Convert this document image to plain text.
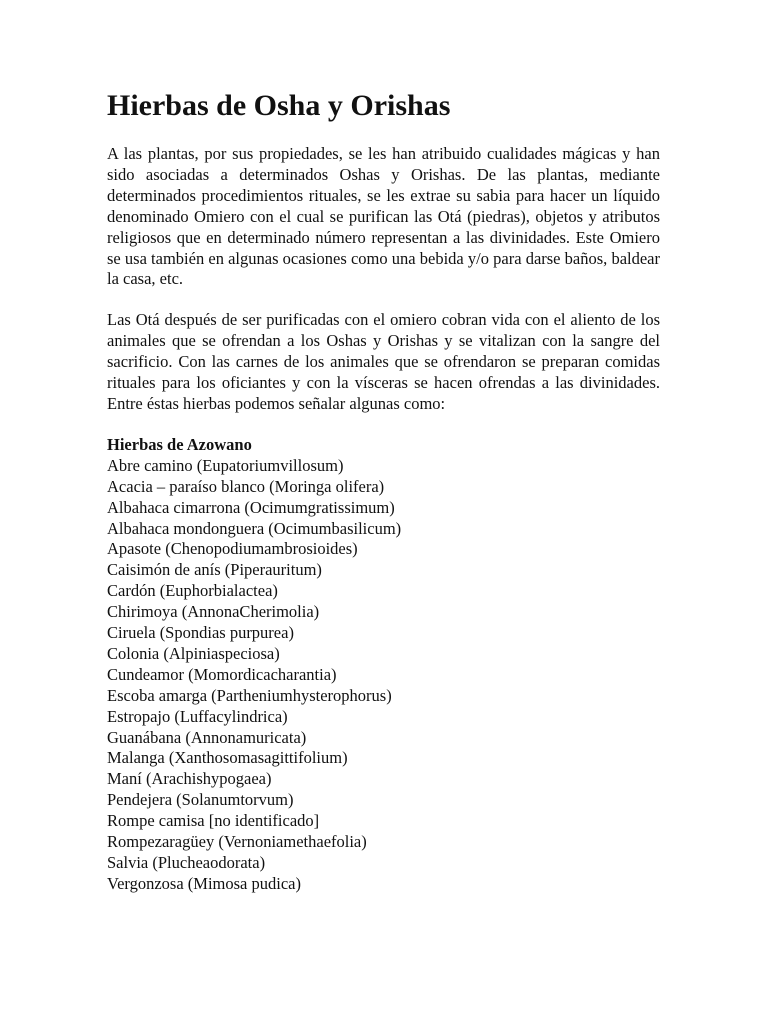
Hierbas de Osha y Orishas

A las plantas, por sus propiedades, se les han atribuido cualidades mágicas y han sido asociadas a determinados Oshas y Orishas. De las plantas, mediante determinados procedimientos rituales, se les extrae su sabia para hacer un líquido denominado Omiero con el cual se purifican las Otá (piedras), objetos y atributos religiosos que en determinado número representan a las divinidades. Este Omiero se usa también en algunas ocasiones como una bebida y/o para darse baños, baldear la casa, etc.

Las Otá después de ser purificadas con el omiero cobran vida con el aliento de los animales que se ofrendan a los Oshas y Orishas y se vitalizan con la sangre del sacrificio. Con las carnes de los animales que se ofrendaron se preparan comidas rituales para los oficiantes y con la vísceras se hacen ofrendas a las divinidades. Entre éstas hierbas podemos señalar algunas como:

Hierbas de Azowano
Abre camino (Eupatoriumvillosum)
Acacia – paraíso blanco (Moringa olifera)
Albahaca cimarrona (Ocimumgratissimum)
Albahaca mondonguera (Ocimumbasilicum)
Apasote (Chenopodiumambrosioides)
Caisimón de anís (Piperauritum)
Cardón (Euphorbialactea)
Chirimoya (AnnonaCherimolia)
Ciruela (Spondias purpurea)
Colonia (Alpiniaspeciosa)
Cundeamor (Momordicacharantia)
Escoba amarga (Partheniumhysterophorus)
Estropajo (Luffacylindrica)
Guanábana (Annonamuricata)
Malanga (Xanthosomasagittifolium)
Maní (Arachishypogaea)
Pendejera (Solanumtorvum)
Rompe camisa [no identificado]
Rompezaragüey (Vernoniamethaefolia)
Salvia (Plucheaodorata)
Vergonzosa (Mimosa pudica)
